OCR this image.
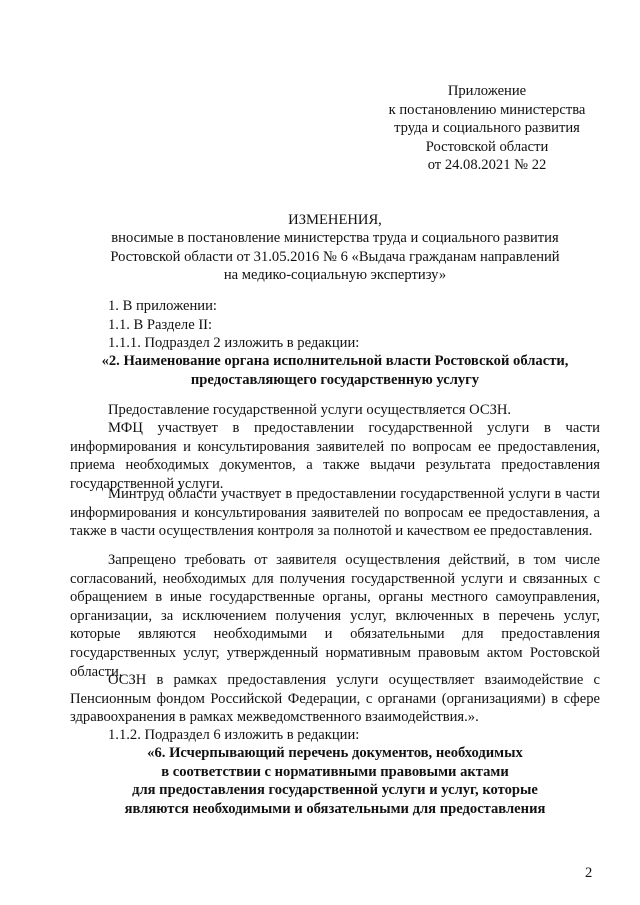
Приложение
к постановлению министерства
труда и социального развития
Ростовской области
от 24.08.2021 № 22
ИЗМЕНЕНИЯ,
вносимые в постановление министерства труда и социального развития
Ростовской области от 31.05.2016 № 6 «Выдача гражданам направлений
на медико-социальную экспертизу»
1. В приложении:
1.1. В Разделе II:
1.1.1. Подраздел 2 изложить в редакции:
«2. Наименование органа исполнительной власти Ростовской области,
предоставляющего государственную услугу
Предоставление государственной услуги осуществляется ОСЗН.
МФЦ участвует в предоставлении государственной услуги в части информирования и консультирования заявителей по вопросам ее предоставления, приема необходимых документов, а также выдачи результата предоставления государственной услуги.
Минтруд области участвует в предоставлении государственной услуги в части информирования и консультирования заявителей по вопросам ее предоставления, а также в части осуществления контроля за полнотой и качеством ее предоставления.
Запрещено требовать от заявителя осуществления действий, в том числе согласований, необходимых для получения государственной услуги и связанных с обращением в иные государственные органы, органы местного самоуправления, организации, за исключением получения услуг, включенных в перечень услуг, которые являются необходимыми и обязательными для предоставления государственных услуг, утвержденный нормативным правовым актом Ростовской области.
ОСЗН в рамках предоставления услуги осуществляет взаимодействие с Пенсионным фондом Российской Федерации, с органами (организациями) в сфере здравоохранения в рамках межведомственного взаимодействия.».
1.1.2. Подраздел 6 изложить в редакции:
«6. Исчерпывающий перечень документов, необходимых
в соответствии с нормативными правовыми актами
для предоставления государственной услуги и услуг, которые
являются необходимыми и обязательными для предоставления
2
